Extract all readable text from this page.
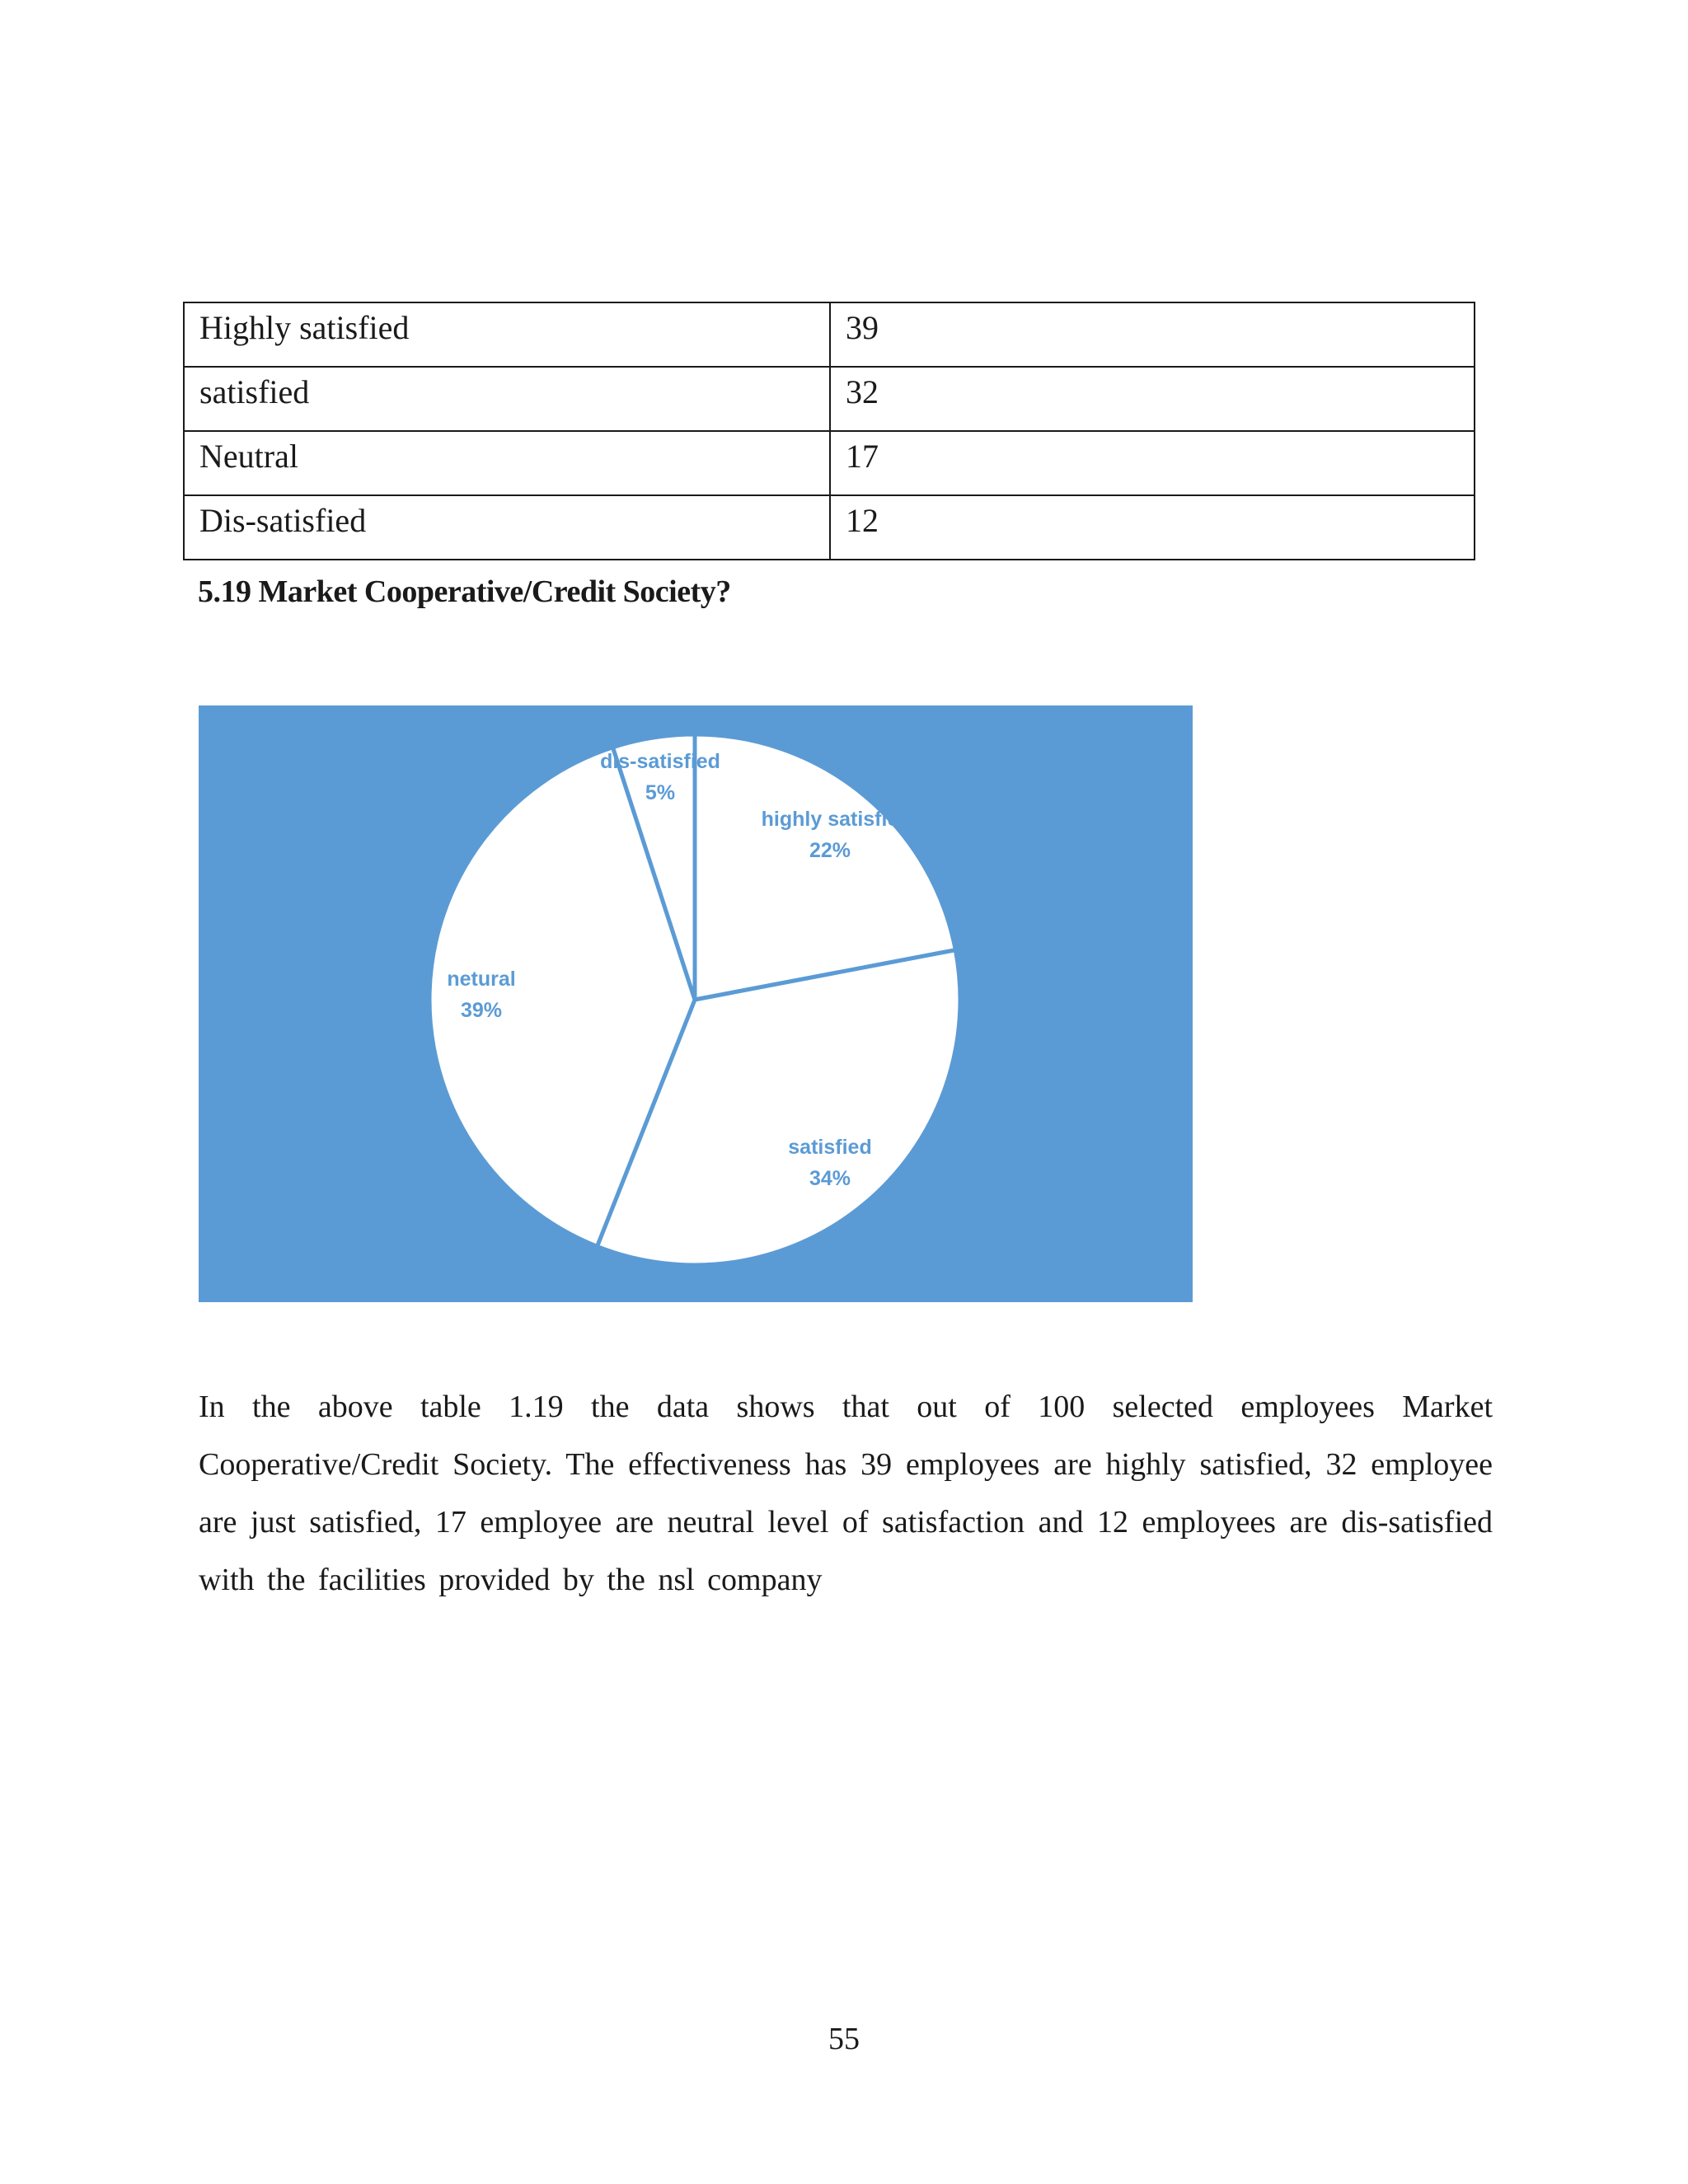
Highly satisfied	39
satisfied	32
Neutral	17
Dis-satisfied	12
5.19 Market Cooperative/Credit Society?
highly satisfie
22%
satisfied
34%
netural
39%
dis-satisfied
5%
In the above table 1.19 the data shows that out of 100 selected employees Market Cooperative/Credit Society. The effectiveness has 39 employees are highly satisfied, 32 employee are just satisfied, 17 employee are neutral level of satisfaction and 12 employees are dis-satisfied with the facilities provided by the nsl company
55
